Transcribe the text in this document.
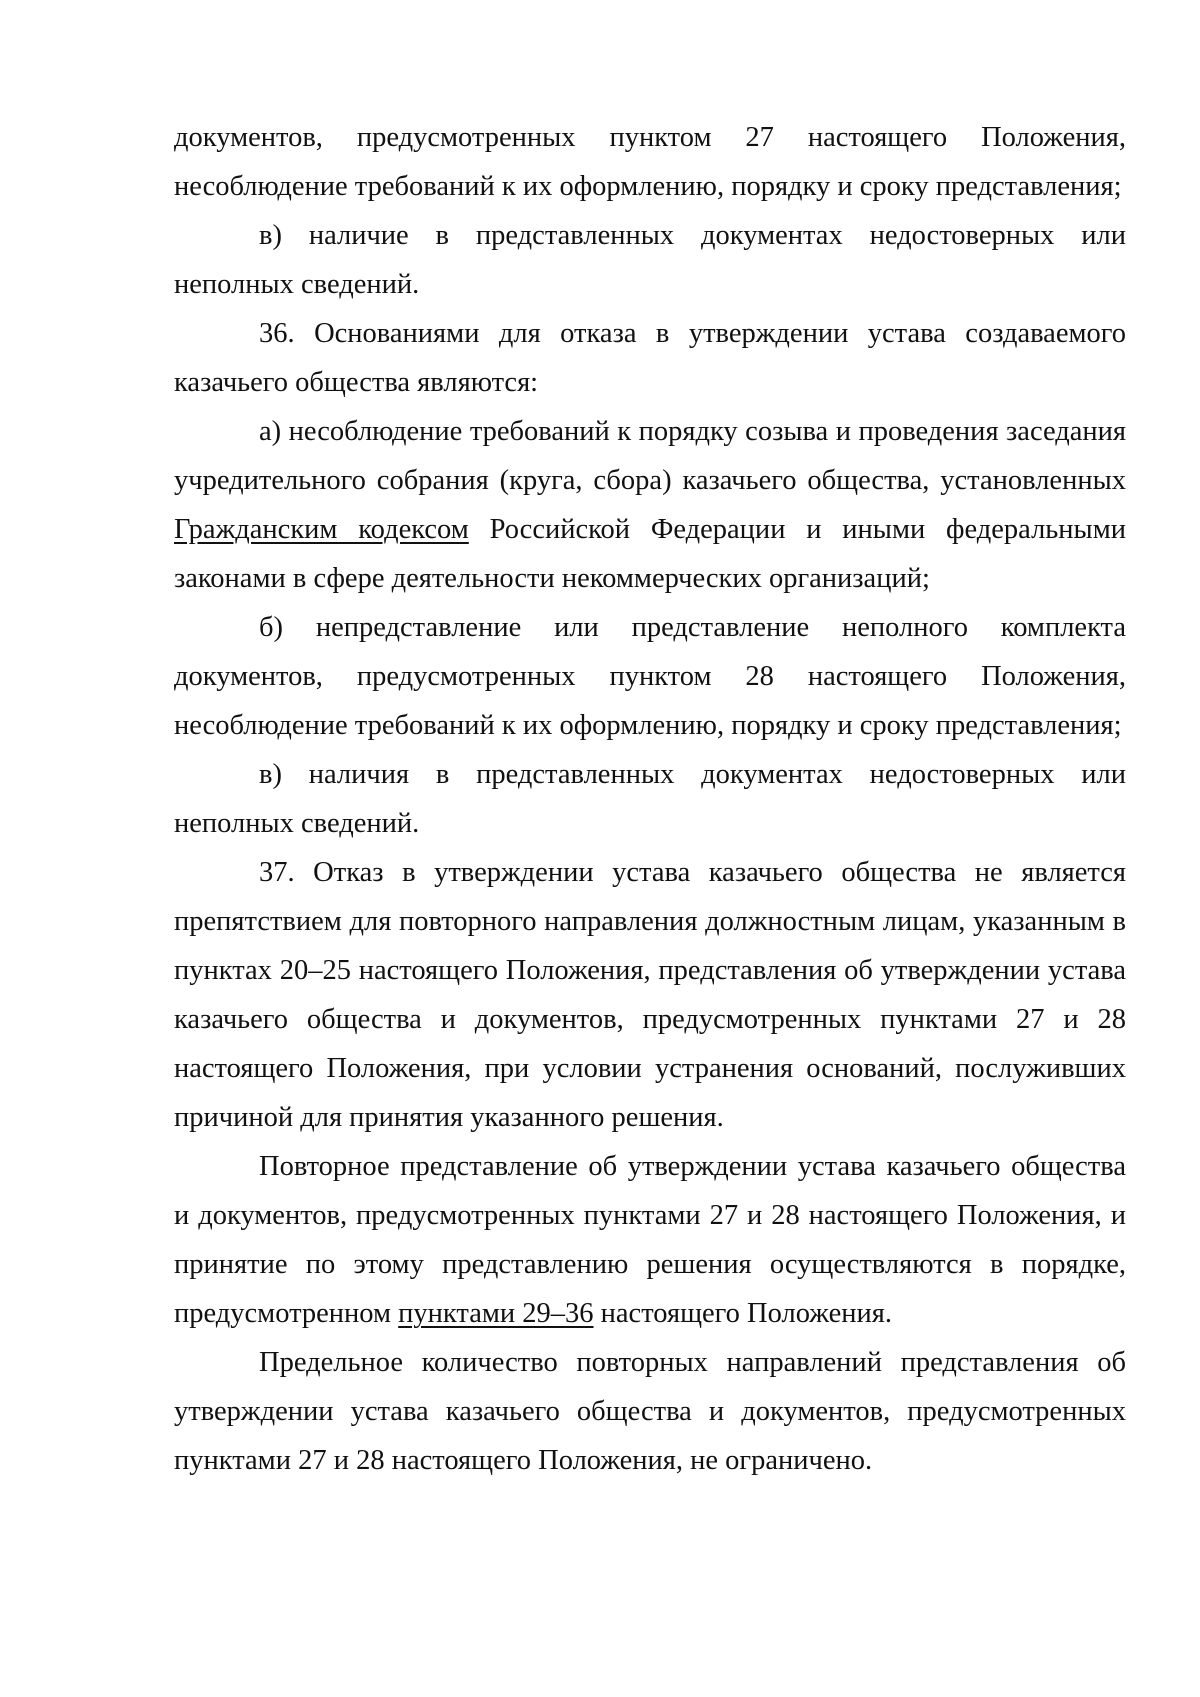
документов, предусмотренных пунктом 27 настоящего Положения, несоблюдение требований к их оформлению, порядку и сроку представления;

в) наличие в представленных документах недостоверных или неполных сведений.

36. Основаниями для отказа в утверждении устава создаваемого казачьего общества являются:

а) несоблюдение требований к порядку созыва и проведения заседания учредительного собрания (круга, сбора) казачьего общества, установленных Гражданским кодексом Российской Федерации и иными федеральными законами в сфере деятельности некоммерческих организаций;

б) непредставление или представление неполного комплекта документов, предусмотренных пунктом 28 настоящего Положения, несоблюдение требований к их оформлению, порядку и сроку представления;

в) наличия в представленных документах недостоверных или неполных сведений.

37. Отказ в утверждении устава казачьего общества не является препятствием для повторного направления должностным лицам, указанным в пунктах 20–25 настоящего Положения, представления об утверждении устава казачьего общества и документов, предусмотренных пунктами 27 и 28 настоящего Положения, при условии устранения оснований, послуживших причиной для принятия указанного решения.

Повторное представление об утверждении устава казачьего общества и документов, предусмотренных пунктами 27 и 28 настоящего Положения, и принятие по этому представлению решения осуществляются в порядке, предусмотренном пунктами 29–36 настоящего Положения.

Предельное количество повторных направлений представления об утверждении устава казачьего общества и документов, предусмотренных пунктами 27 и 28 настоящего Положения, не ограничено.
